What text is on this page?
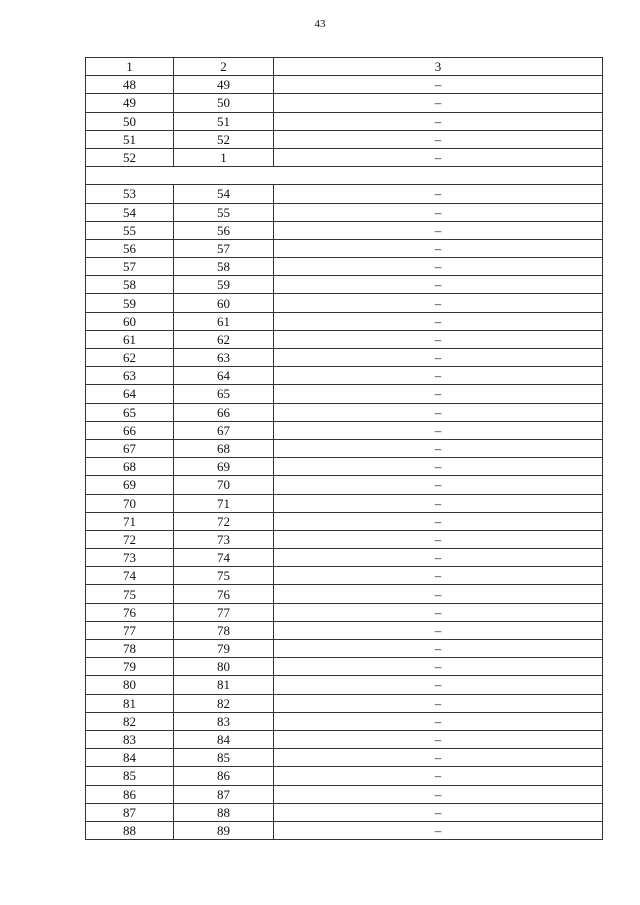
43
1	2	3
48	49	–
49	50	–
50	51	–
51	52	–
52	1	–

53	54	–
54	55	–
55	56	–
56	57	–
57	58	–
58	59	–
59	60	–
60	61	–
61	62	–
62	63	–
63	64	–
64	65	–
65	66	–
66	67	–
67	68	–
68	69	–
69	70	–
70	71	–
71	72	–
72	73	–
73	74	–
74	75	–
75	76	–
76	77	–
77	78	–
78	79	–
79	80	–
80	81	–
81	82	–
82	83	–
83	84	–
84	85	–
85	86	–
86	87	–
87	88	–
88	89	–
